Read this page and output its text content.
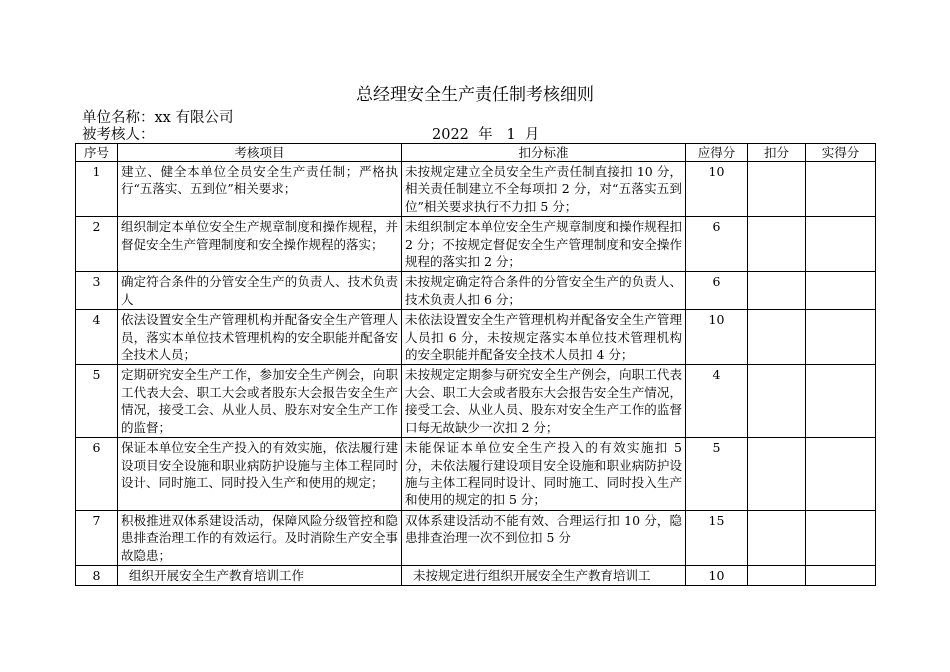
总经理安全生产责任制考核细则
单位名称：xx 有限公司
被考核人：	2022  年   1  月
序号	考核项目	扣分标准	应得分	扣分	实得分
1	建立、健全本单位全员安全生产责任制；严格执行“五落实、五到位”相关要求；	未按规定建立全员安全生产责任制直接扣 10 分，相关责任制建立不全每项扣 2 分，对“五落实五到位”相关要求执行不力扣 5 分；	10		
2	组织制定本单位安全生产规章制度和操作规程，并督促安全生产管理制度和安全操作规程的落实；	未组织制定本单位安全生产规章制度和操作规程扣 2 分；不按规定督促安全生产管理制度和安全操作规程的落实扣 2 分；	6		
3	确定符合条件的分管安全生产的负责人、技术负责人	未按规定确定符合条件的分管安全生产的负责人、技术负责人扣 6 分；	6		
4	依法设置安全生产管理机构并配备安全生产管理人员，落实本单位技术管理机构的安全职能并配备安全技术人员；	未依法设置安全生产管理机构并配备安全生产管理人员扣 6 分，未按规定落实本单位技术管理机构的安全职能并配备安全技术人员扣 4 分；	10		
5	定期研究安全生产工作，参加安全生产例会，向职工代表大会、职工大会或者股东大会报告安全生产情况，接受工会、从业人员、股东对安全生产工作的监督；	未按规定定期参与研究安全生产例会，向职工代表大会、职工大会或者股东大会报告安全生产情况，接受工会、从业人员、股东对安全生产工作的监督口每无故缺少一次扣 2 分；	4		
6	保证本单位安全生产投入的有效实施，依法履行建设项目安全设施和职业病防护设施与主体工程同时设计、同时施工、同时投入生产和使用的规定；	未能保证本单位安全生产投入的有效实施扣 5 分，未依法履行建设项目安全设施和职业病防护设施与主体工程同时设计、同时施工、同时投入生产和使用的规定的扣 5 分；	5		
7	积极推进双体系建设活动，保障风险分级管控和隐患排查治理工作的有效运行。及时消除生产安全事故隐患；	双体系建设活动不能有效、合理运行扣 10 分，隐患排查治理一次不到位扣 5 分	15		
8	组织开展安全生产教育培训工作	未按规定进行组织开展安全生产教育培训工	10		
